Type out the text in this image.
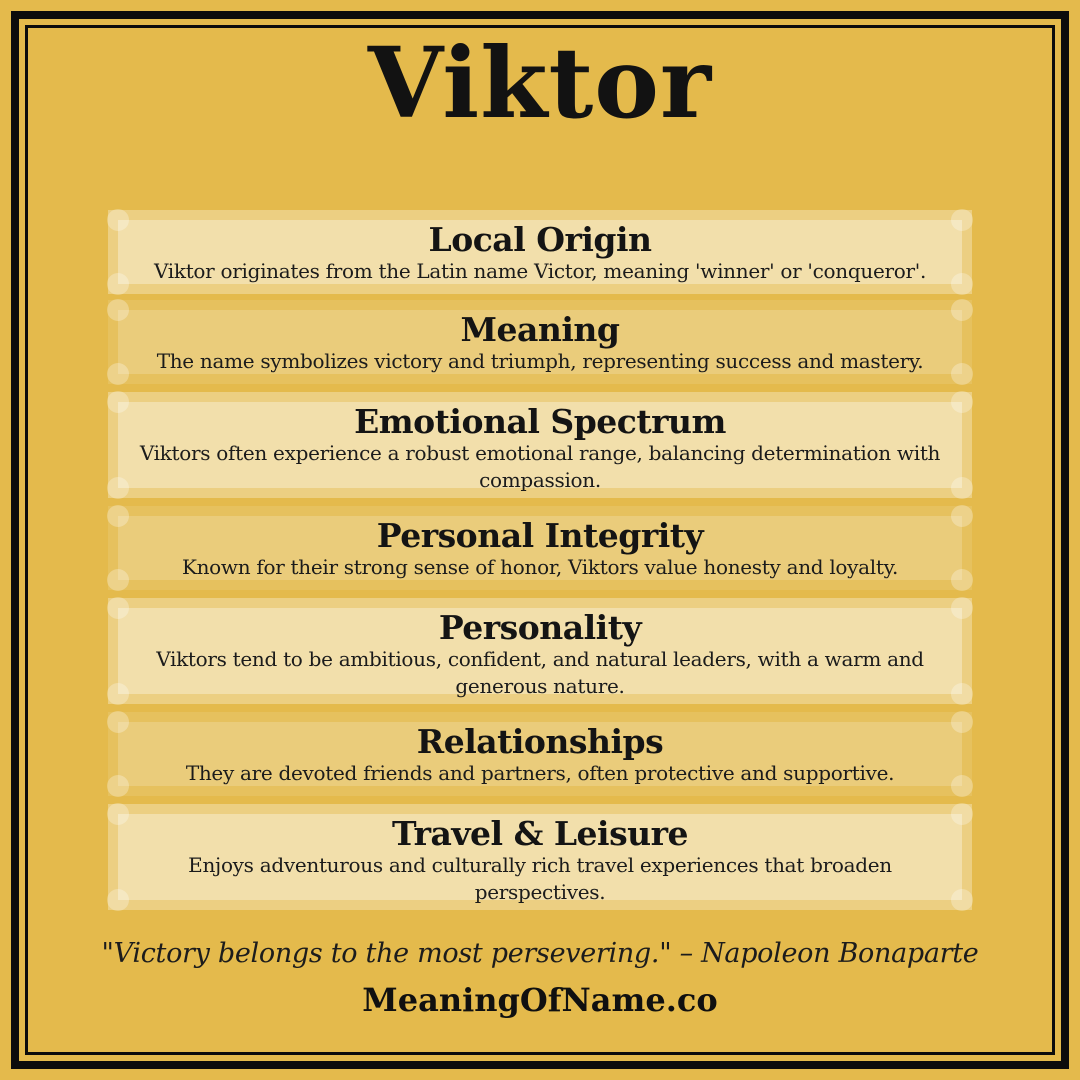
Viktor
Local Origin

Viktor originates from the Latin name Victor, meaning 'winner' or 'conqueror'.

Meaning

The name symbolizes victory and triumph, representing success and mastery.

Emotional Spectrum

Viktors often experience a robust emotional range, balancing determination with compassion.

Personal Integrity

Known for their strong sense of honor, Viktors value honesty and loyalty.

Personality

Viktors tend to be ambitious, confident, and natural leaders, with a warm and generous nature.

Relationships

They are devoted friends and partners, often protective and supportive.

Travel & Leisure

Enjoys adventurous and culturally rich travel experiences that broaden perspectives.

"Victory belongs to the most persevering." – Napoleon Bonaparte
MeaningOfName.co
